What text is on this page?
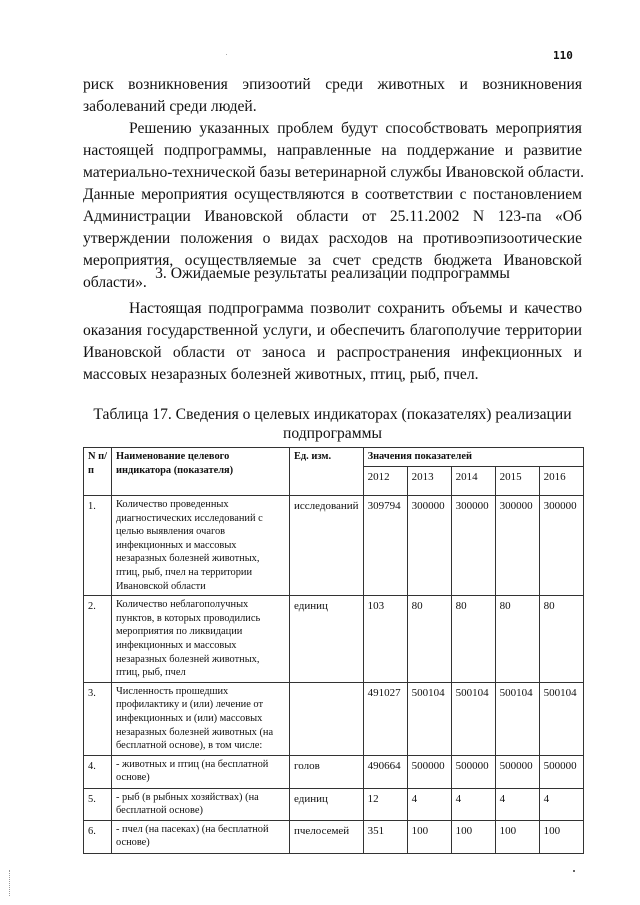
110
риск возникновения эпизоотий среди животных и возникновения
заболеваний среди людей.
Решению указанных проблем будут способствовать мероприятия
настоящей подпрограммы, направленные на поддержание и развитие
материально-технической базы ветеринарной службы Ивановской области.
Данные мероприятия осуществляются в соответствии с постановлением
Администрации Ивановской области от 25.11.2002 N 123-па «Об
утверждении положения о видах расходов на противоэпизоотические
мероприятия, осуществляемые за счет средств бюджета Ивановской
области».
3. Ожидаемые результаты реализации подпрограммы
Настоящая подпрограмма позволит сохранить объемы и качество
оказания государственной услуги, и обеспечить благополучие территории
Ивановской области от заноса и распространения инфекционных и
массовых незаразных болезней животных, птиц, рыб, пчел.
Таблица 17. Сведения о целевых индикаторах (показателях) реализации
подпрограммы
N п/п	Наименование целевого индикатора (показателя)	Ед. изм.	Значения показателей				
			2012	2013	2014	2015	2016
1.	Количество проведенных диагностических исследований с целью выявления очагов инфекционных и массовых незаразных болезней животных, птиц, рыб, пчел на территории Ивановской области	исследований	309794	300000	300000	300000	300000
2.	Количество неблагополучных пунктов, в которых проводились мероприятия по ликвидации инфекционных и массовых незаразных болезней животных, птиц, рыб, пчел	единиц	103	80	80	80	80
3.	Численность прошедших профилактику и (или) лечение от инфекционных и (или) массовых незаразных болезней животных (на бесплатной основе), в том числе:		491027	500104	500104	500104	500104
4.	- животных и птиц (на бесплатной основе)	голов	490664	500000	500000	500000	500000
5.	- рыб (в рыбных хозяйствах) (на бесплатной основе)	единиц	12	4	4	4	4
6.	- пчел (на пасеках) (на бесплатной основе)	пчелосемей	351	100	100	100	100
